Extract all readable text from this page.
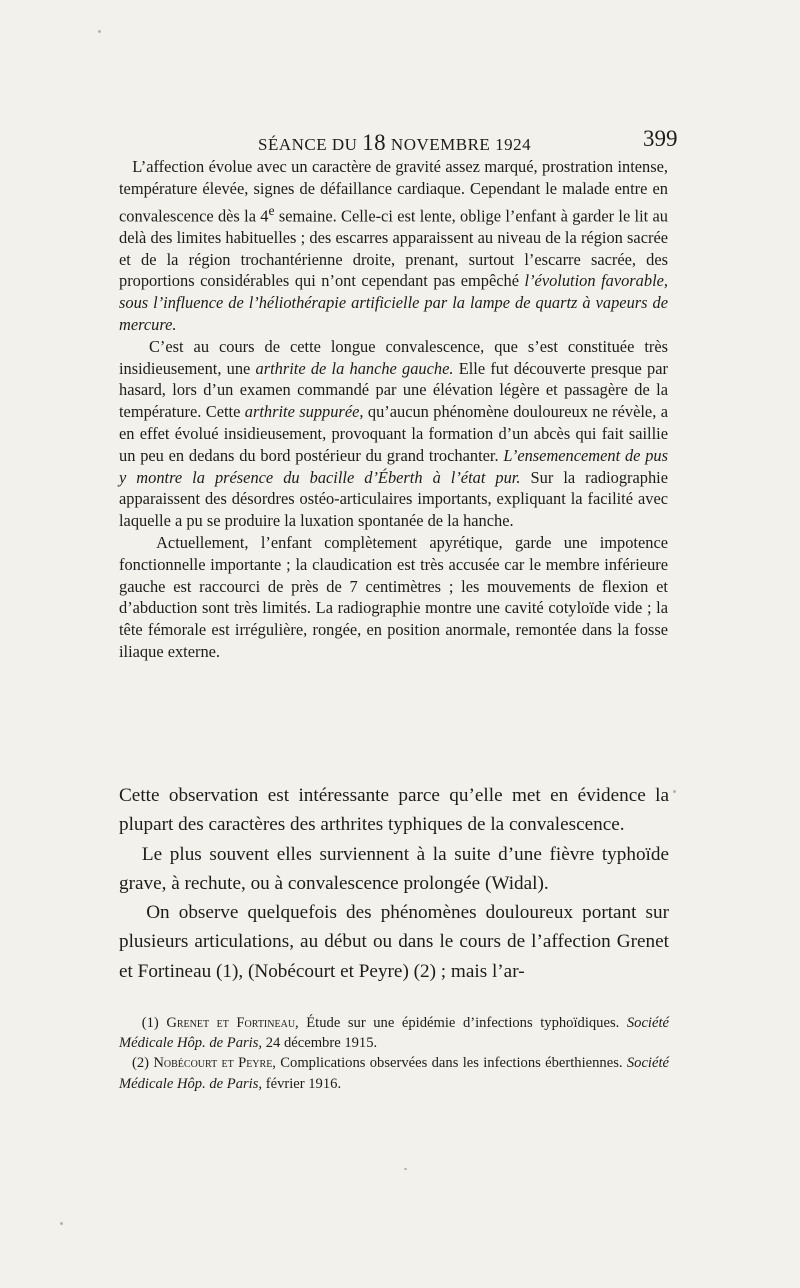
SÉANCE DU 18 NOVEMBRE 1924	399

L’affection évolue avec un caractère de gravité assez marqué, prostration intense, température élevée, signes de défaillance cardiaque. Cependant le malade entre en convalescence dès la 4e semaine. Celle-ci est lente, oblige l’enfant à garder le lit au delà des limites habituelles ; des escarres apparaissent au niveau de la région sacrée et de la région trochantérienne droite, prenant, surtout l’escarre sacrée, des proportions considérables qui n’ont cependant pas empêché l’évolution favorable, sous l’influence de l’héliothérapie artificielle par la lampe de quartz à vapeurs de mercure.

C’est au cours de cette longue convalescence, que s’est constituée très insidieusement, une arthrite de la hanche gauche. Elle fut découverte presque par hasard, lors d’un examen commandé par une élévation légère et passagère de la température. Cette arthrite suppurée, qu’aucun phénomène douloureux ne révèle, a en effet évolué insidieusement, provoquant la formation d’un abcès qui fait saillie un peu en dedans du bord postérieur du grand trochanter. L’ensemencement de pus y montre la présence du bacille d’Éberth à l’état pur. Sur la radiographie apparaissent des désordres ostéo-articulaires importants, expliquant la facilité avec laquelle a pu se produire la luxation spontanée de la hanche.

Actuellement, l’enfant complètement apyrétique, garde une impotence fonctionnelle importante ; la claudication est très accusée car le membre inférieure gauche est raccourci de près de 7 centimètres ; les mouvements de flexion et d’abduction sont très limités. La radiographie montre une cavité cotyloïde vide ; la tête fémorale est irrégulière, rongée, en position anormale, remontée dans la fosse iliaque externe.

Cette observation est intéressante parce qu’elle met en évidence la plupart des caractères des arthrites typhiques de la convalescence.

Le plus souvent elles surviennent à la suite d’une fièvre typhoïde grave, à rechute, ou à convalescence prolongée (Widal).

On observe quelquefois des phénomènes douloureux portant sur plusieurs articulations, au début ou dans le cours de l’affection Grenet et Fortineau (1), (Nobécourt et Peyre) (2) ; mais l’ar-

(1) Grenet et Fortineau, Étude sur une épidémie d’infections typhoïdiques. Société Médicale Hôp. de Paris, 24 décembre 1915.

(2) Nobécourt et Peyre, Complications observées dans les infections éberthiennes. Société Médicale Hôp. de Paris, février 1916.
